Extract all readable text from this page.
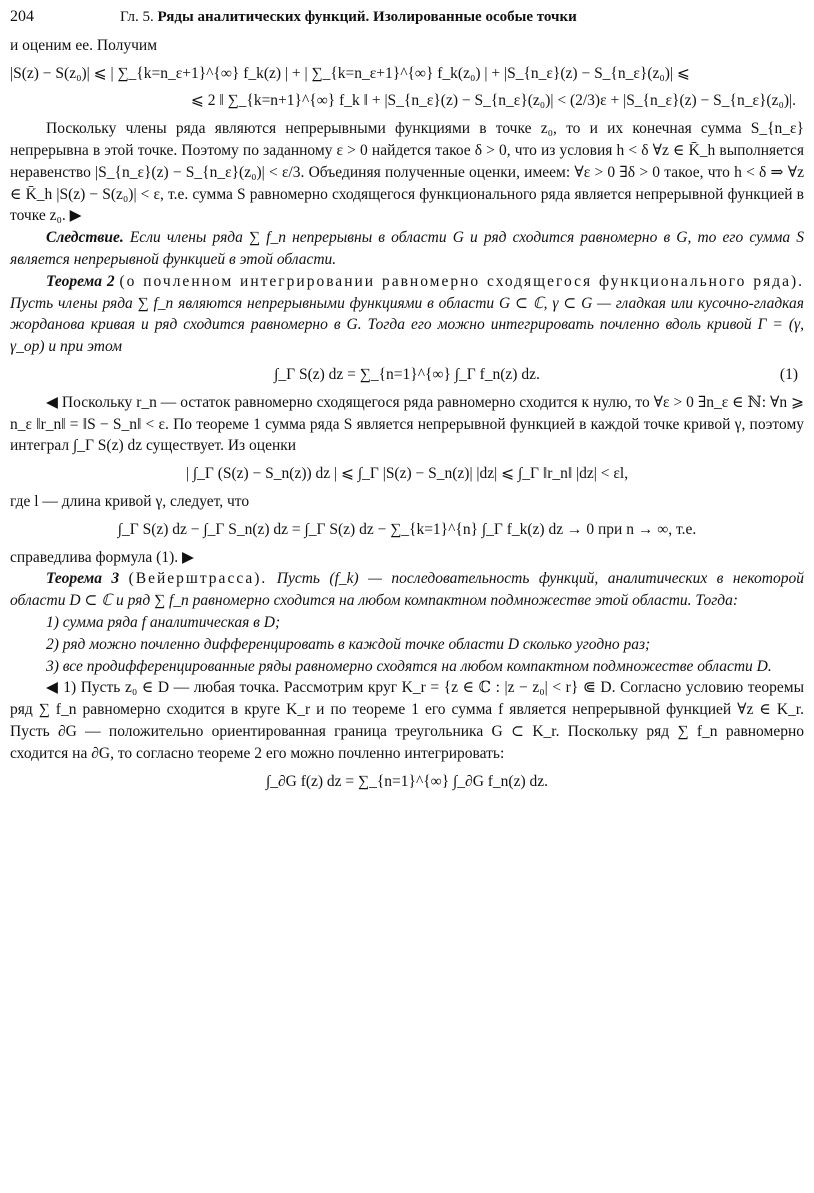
204	Гл. 5. Ряды аналитических функций. Изолированные особые точки

и оценим ее. Получим

|S(z) − S(z₀)| ⩽ | ∑_{k=n_ε+1}^{∞} f_k(z) | + | ∑_{k=n_ε+1}^{∞} f_k(z₀) | + |S_{n_ε}(z) − S_{n_ε}(z₀)| ⩽
⩽ 2 ‖ ∑_{k=n+1}^{∞} f_k ‖ + |S_{n_ε}(z) − S_{n_ε}(z₀)| < (2/3)ε + |S_{n_ε}(z) − S_{n_ε}(z₀)|.

Поскольку члены ряда являются непрерывными функциями в точке z₀, то и их конечная сумма S_{n_ε} непрерывна в этой точке. Поэтому по заданному ε > 0 найдется такое δ > 0, что из условия h < δ ∀z ∈ K̄_h выполняется неравенство |S_{n_ε}(z) − S_{n_ε}(z₀)| < ε/3. Объединяя полученные оценки, имеем: ∀ε > 0 ∃δ > 0 такое, что h < δ ⇒ ∀z ∈ K̄_h |S(z) − S(z₀)| < ε, т.е. сумма S равномерно сходящегося функционального ряда является непрерывной функцией в точке z₀. ▶

Следствие. Если члены ряда ∑ f_n непрерывны в области G и ряд сходится равномерно в G, то его сумма S является непрерывной функцией в этой области.

Теорема 2 (о почленном интегрировании равномерно сходящегося функционального ряда). Пусть члены ряда ∑ f_n являются непрерывными функциями в области G ⊂ ℂ, γ ⊂ G — гладкая или кусочно-гладкая жорданова кривая и ряд сходится равномерно в G. Тогда его можно интегрировать почленно вдоль кривой Γ = (γ, γ_ор) и при этом

∫_Γ S(z) dz = ∑_{n=1}^{∞} ∫_Γ f_n(z) dz.	(1)

◀ Поскольку r_n — остаток равномерно сходящегося ряда равномерно сходится к нулю, то ∀ε > 0 ∃n_ε ∈ ℕ: ∀n ⩾ n_ε ‖r_n‖ = ‖S − S_n‖ < ε. По теореме 1 сумма ряда S является непрерывной функцией в каждой точке кривой γ, поэтому интеграл ∫_Γ S(z) dz существует. Из оценки

| ∫_Γ (S(z) − S_n(z)) dz | ⩽ ∫_Γ |S(z) − S_n(z)| |dz| ⩽ ∫_Γ ‖r_n‖ |dz| < εl,

где l — длина кривой γ, следует, что

∫_Γ S(z) dz − ∫_Γ S_n(z) dz = ∫_Γ S(z) dz − ∑_{k=1}^{n} ∫_Γ f_k(z) dz → 0 при n → ∞, т.е.

справедлива формула (1). ▶

Теорема 3 (Вейерштрасса). Пусть (f_k) — последовательность функций, аналитических в некоторой области D ⊂ ℂ и ряд ∑ f_n равномерно сходится на любом компактном подмножестве этой области. Тогда:

1) сумма ряда f аналитическая в D;

2) ряд можно почленно дифференцировать в каждой точке области D сколько угодно раз;

3) все продифференцированные ряды равномерно сходятся на любом компактном подмножестве области D.

◀ 1) Пусть z₀ ∈ D — любая точка. Рассмотрим круг K_r = {z ∈ ℂ : |z − z₀| < r} ⋐ D. Согласно условию теоремы ряд ∑ f_n равномерно сходится в круге K_r и по теореме 1 его сумма f является непрерывной функцией ∀z ∈ K_r. Пусть ∂G — положительно ориентированная граница треугольника G ⊂ K_r. Поскольку ряд ∑ f_n равномерно сходится на ∂G, то согласно теореме 2 его можно почленно интегрировать:

∫_∂G f(z) dz = ∑_{n=1}^{∞} ∫_∂G f_n(z) dz.
